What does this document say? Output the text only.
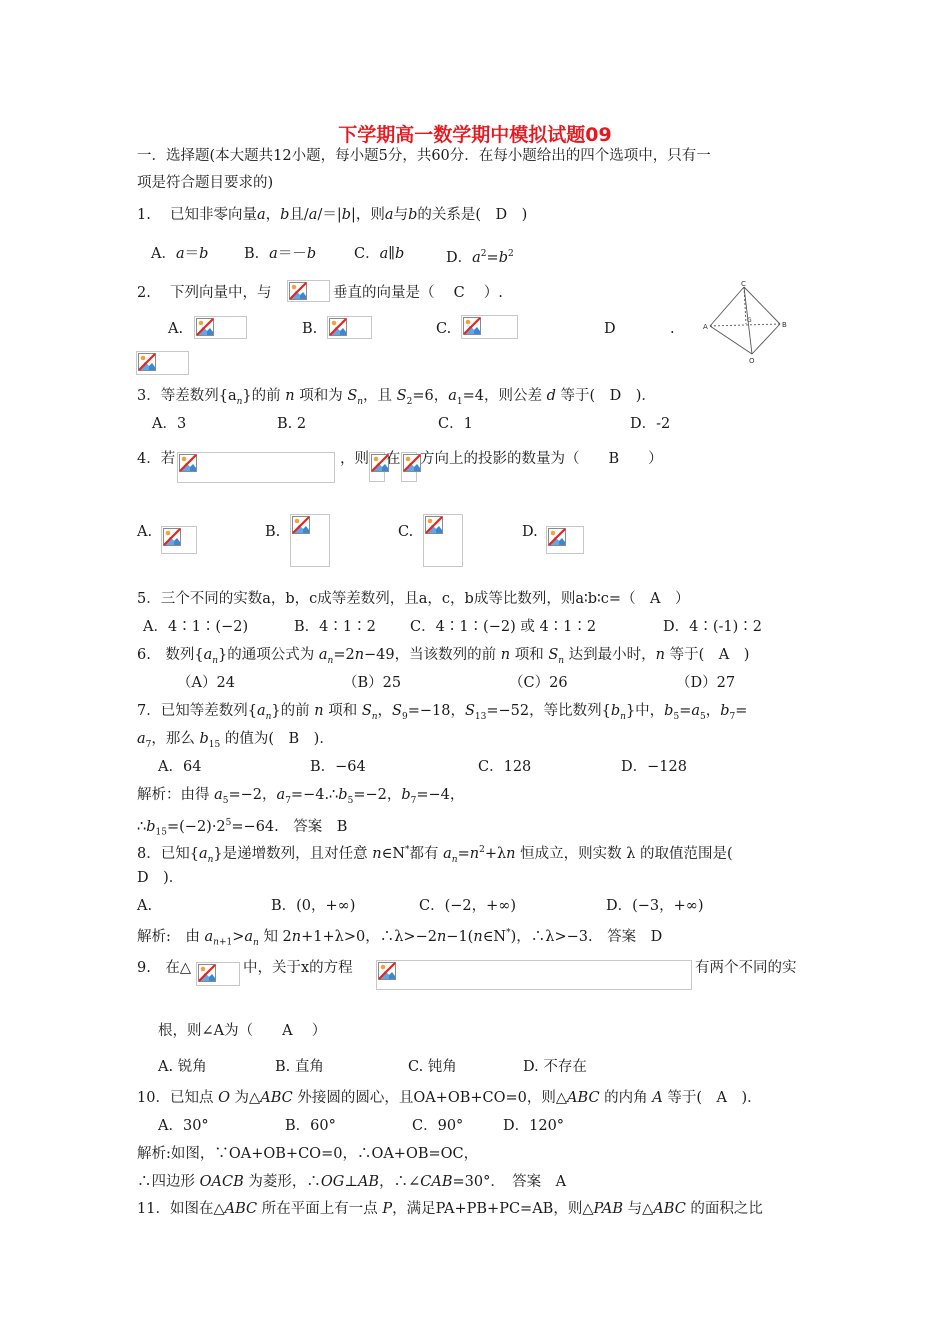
下学期高一数学期中模拟试题09
一．选择题(本大题共12小题，每小题5分，共60分．在每小题给出的四个选项中，只有一
项是符合题目要求的)
1.　 已知非零向量a，b且/a/＝|b|，则a与b的关系是(　D　)
A．a＝b B．a＝－b	C．a∥b	D．$a^2=b^2$
2.　 下列向量中，与	垂直的向量是（　 C　 ）.
A.	B.	C.	D	.
C
A	B
G
O
3．等差数列$\{a_n\}$的前 n 项和为 $S_n$，且 $S_2=6$，$a_1=4$，则公差 d 等于(　D　)．
A．3	B. 2	C．1	D．-2
4．若	，则 在 方向上的投影的数量为（　　B　　）
A.	B.	C.	D.
5．三个不同的实数a，b，c成等差数列，且a，c，b成等比数列，则a∶b∶c=（　A　）
A．4∶1∶(−2)	B．4∶1∶2 C．4∶1∶(−2) 或 4∶1∶2	D．4∶(-1)∶2
6.　数列$\{a_n\}$的通项公式为 $a_n=2n-49$，当该数列的前 n 项和 $S_n$ 达到最小时，n 等于(　A　)
（A）24	（B）25	（C）26	（D）27
7．已知等差数列$\{a_n\}$的前 n 项和 $S_n$，$S_9=-18$，$S_{13}=-52$，等比数列$\{b_n\}$中，$b_5=a_5$，$b_7=$
$a_7$，那么 $b_{15}$ 的值为(　B　)．
A．64	B．−64	C．128	D．−128
解析：由得 $a_5=-2$，$a_7=-4.\therefore b_5=-2$，$b_7=-4$，
$\therefore b_{15}=(-2)\cdot 2^5=-64$.　答案　B
8．已知$\{a_n\}$是递增数列，且对任意 n∈N*都有 $a_n=n^2+\lambda n$ 恒成立，则实数 λ 的取值范围是(
D　)．
A.	B．(0，+∞)	C．(−2，+∞)	D．(−3，+∞)
解析:　由 $a_{n+1}>a_n$ 知 2n+1+λ>0，∴λ>−2n−1(n∈N*)，∴λ>−3.　答案　D
9.　在△	中，关于x的方程	有两个不同的实
根，则∠A为（　　A　 ）
A. 锐角	B. 直角	C. 钝角	D. 不存在
10．已知点 O 为△ABC 外接圆的圆心，且OA+OB+CO=0，则△ABC 的内角 A 等于(　A　)．
A．30°	B．60°	C．90°	D．120°
解析:如图，∵OA+OB+CO=0，∴OA+OB=OC，
∴四边形 OACB 为菱形，∴OG⊥AB，∴∠CAB=30°．　答案　A
11．如图在△ABC 所在平面上有一点 P，满足PA+PB+PC=AB，则△PAB 与△ABC 的面积之比
